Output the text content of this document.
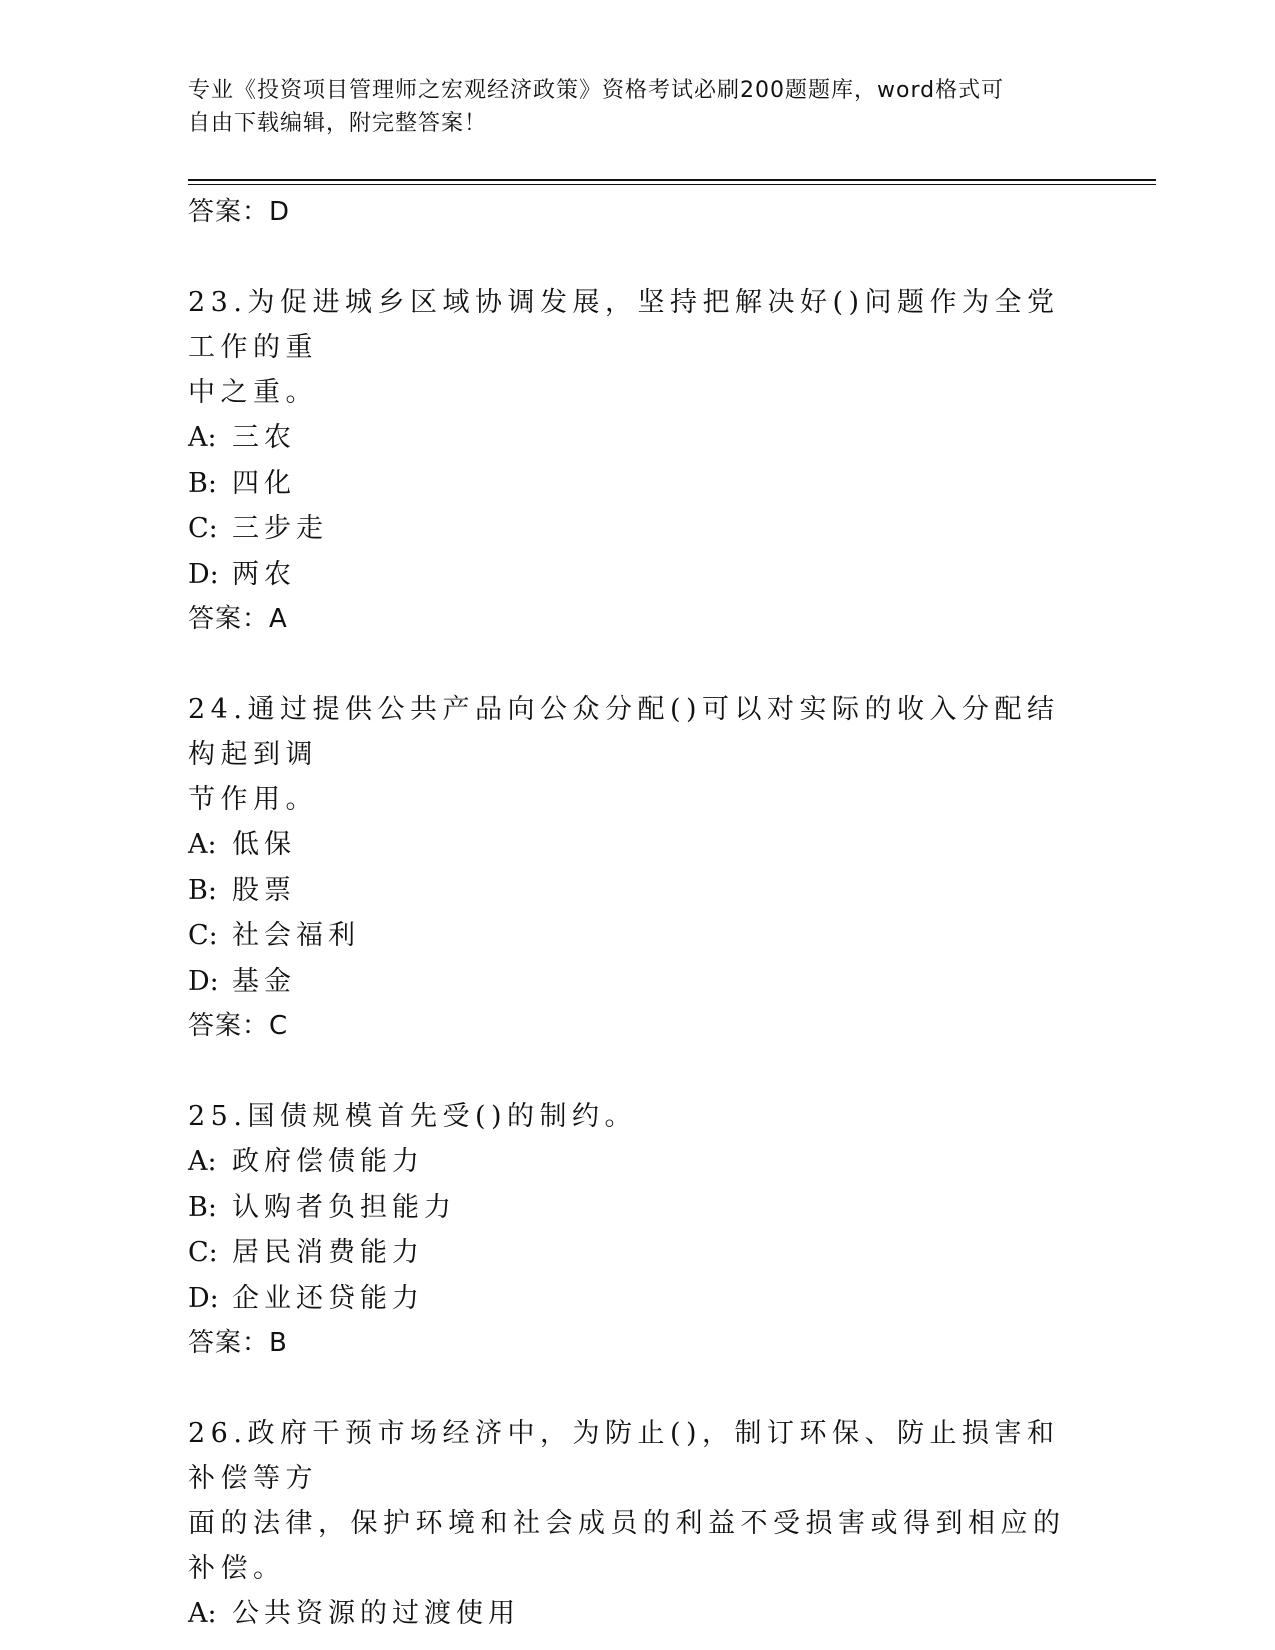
专业《投资项目管理师之宏观经济政策》资格考试必刷200题题库，word格式可
自由下载编辑，附完整答案！
答案：D
23.为促进城乡区域协调发展，坚持把解决好()问题作为全党工作的重
中之重。
A: 三农
B: 四化
C: 三步走
D: 两农
答案：A
24.通过提供公共产品向公众分配()可以对实际的收入分配结构起到调
节作用。
A: 低保
B: 股票
C: 社会福利
D: 基金
答案：C
25.国债规模首先受()的制约。
A: 政府偿债能力
B: 认购者负担能力
C: 居民消费能力
D: 企业还贷能力
答案：B
26.政府干预市场经济中，为防止()，制订环保、防止损害和补偿等方
面的法律，保护环境和社会成员的利益不受损害或得到相应的补偿。
A: 公共资源的过渡使用
